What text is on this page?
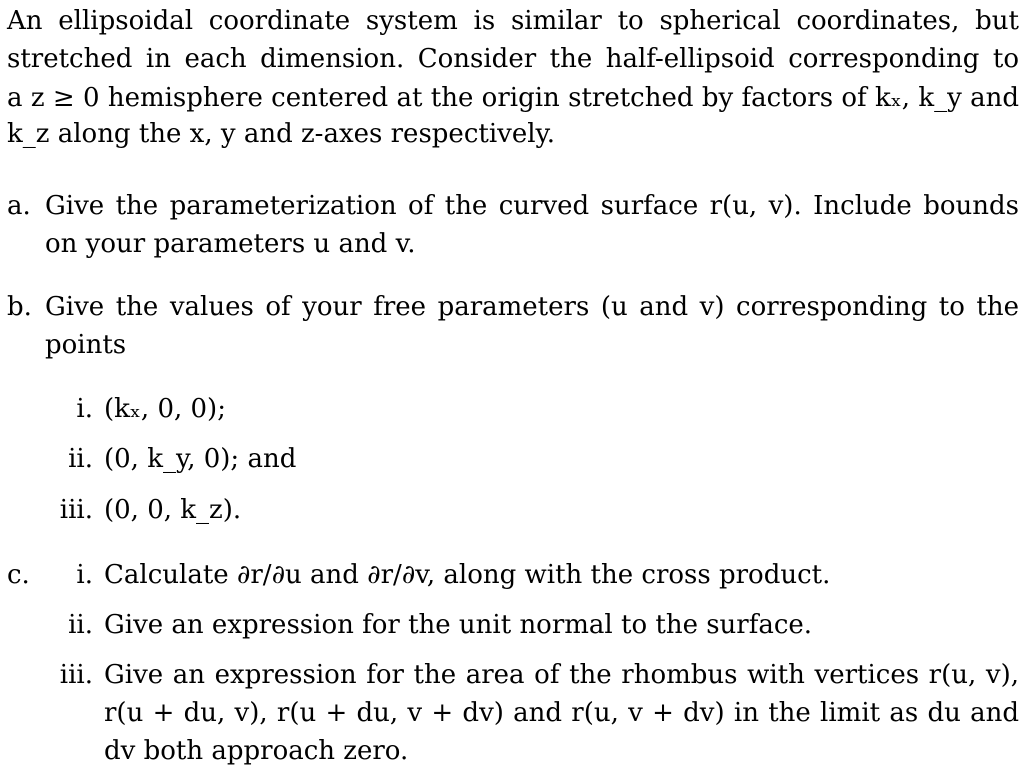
An ellipsoidal coordinate system is similar to spherical coordinates, but
stretched in each dimension. Consider the half-ellipsoid corresponding to
a z ≥ 0 hemisphere centered at the origin stretched by factors of kₓ, k_y and
k_z along the x, y and z-axes respectively.
a. Give the parameterization of the curved surface r(u, v). Include bounds
on your parameters u and v.
b. Give the values of your free parameters (u and v) corresponding to the
points
i. (kₓ, 0, 0);
ii. (0, k_y, 0); and
iii. (0, 0, k_z).
c.	i. Calculate ∂r/∂u and ∂r/∂v, along with the cross product.
ii. Give an expression for the unit normal to the surface.
iii. Give an expression for the area of the rhombus with vertices r(u, v),
r(u + du, v), r(u + du, v + dv) and r(u, v + dv) in the limit as du and
dv both approach zero.
